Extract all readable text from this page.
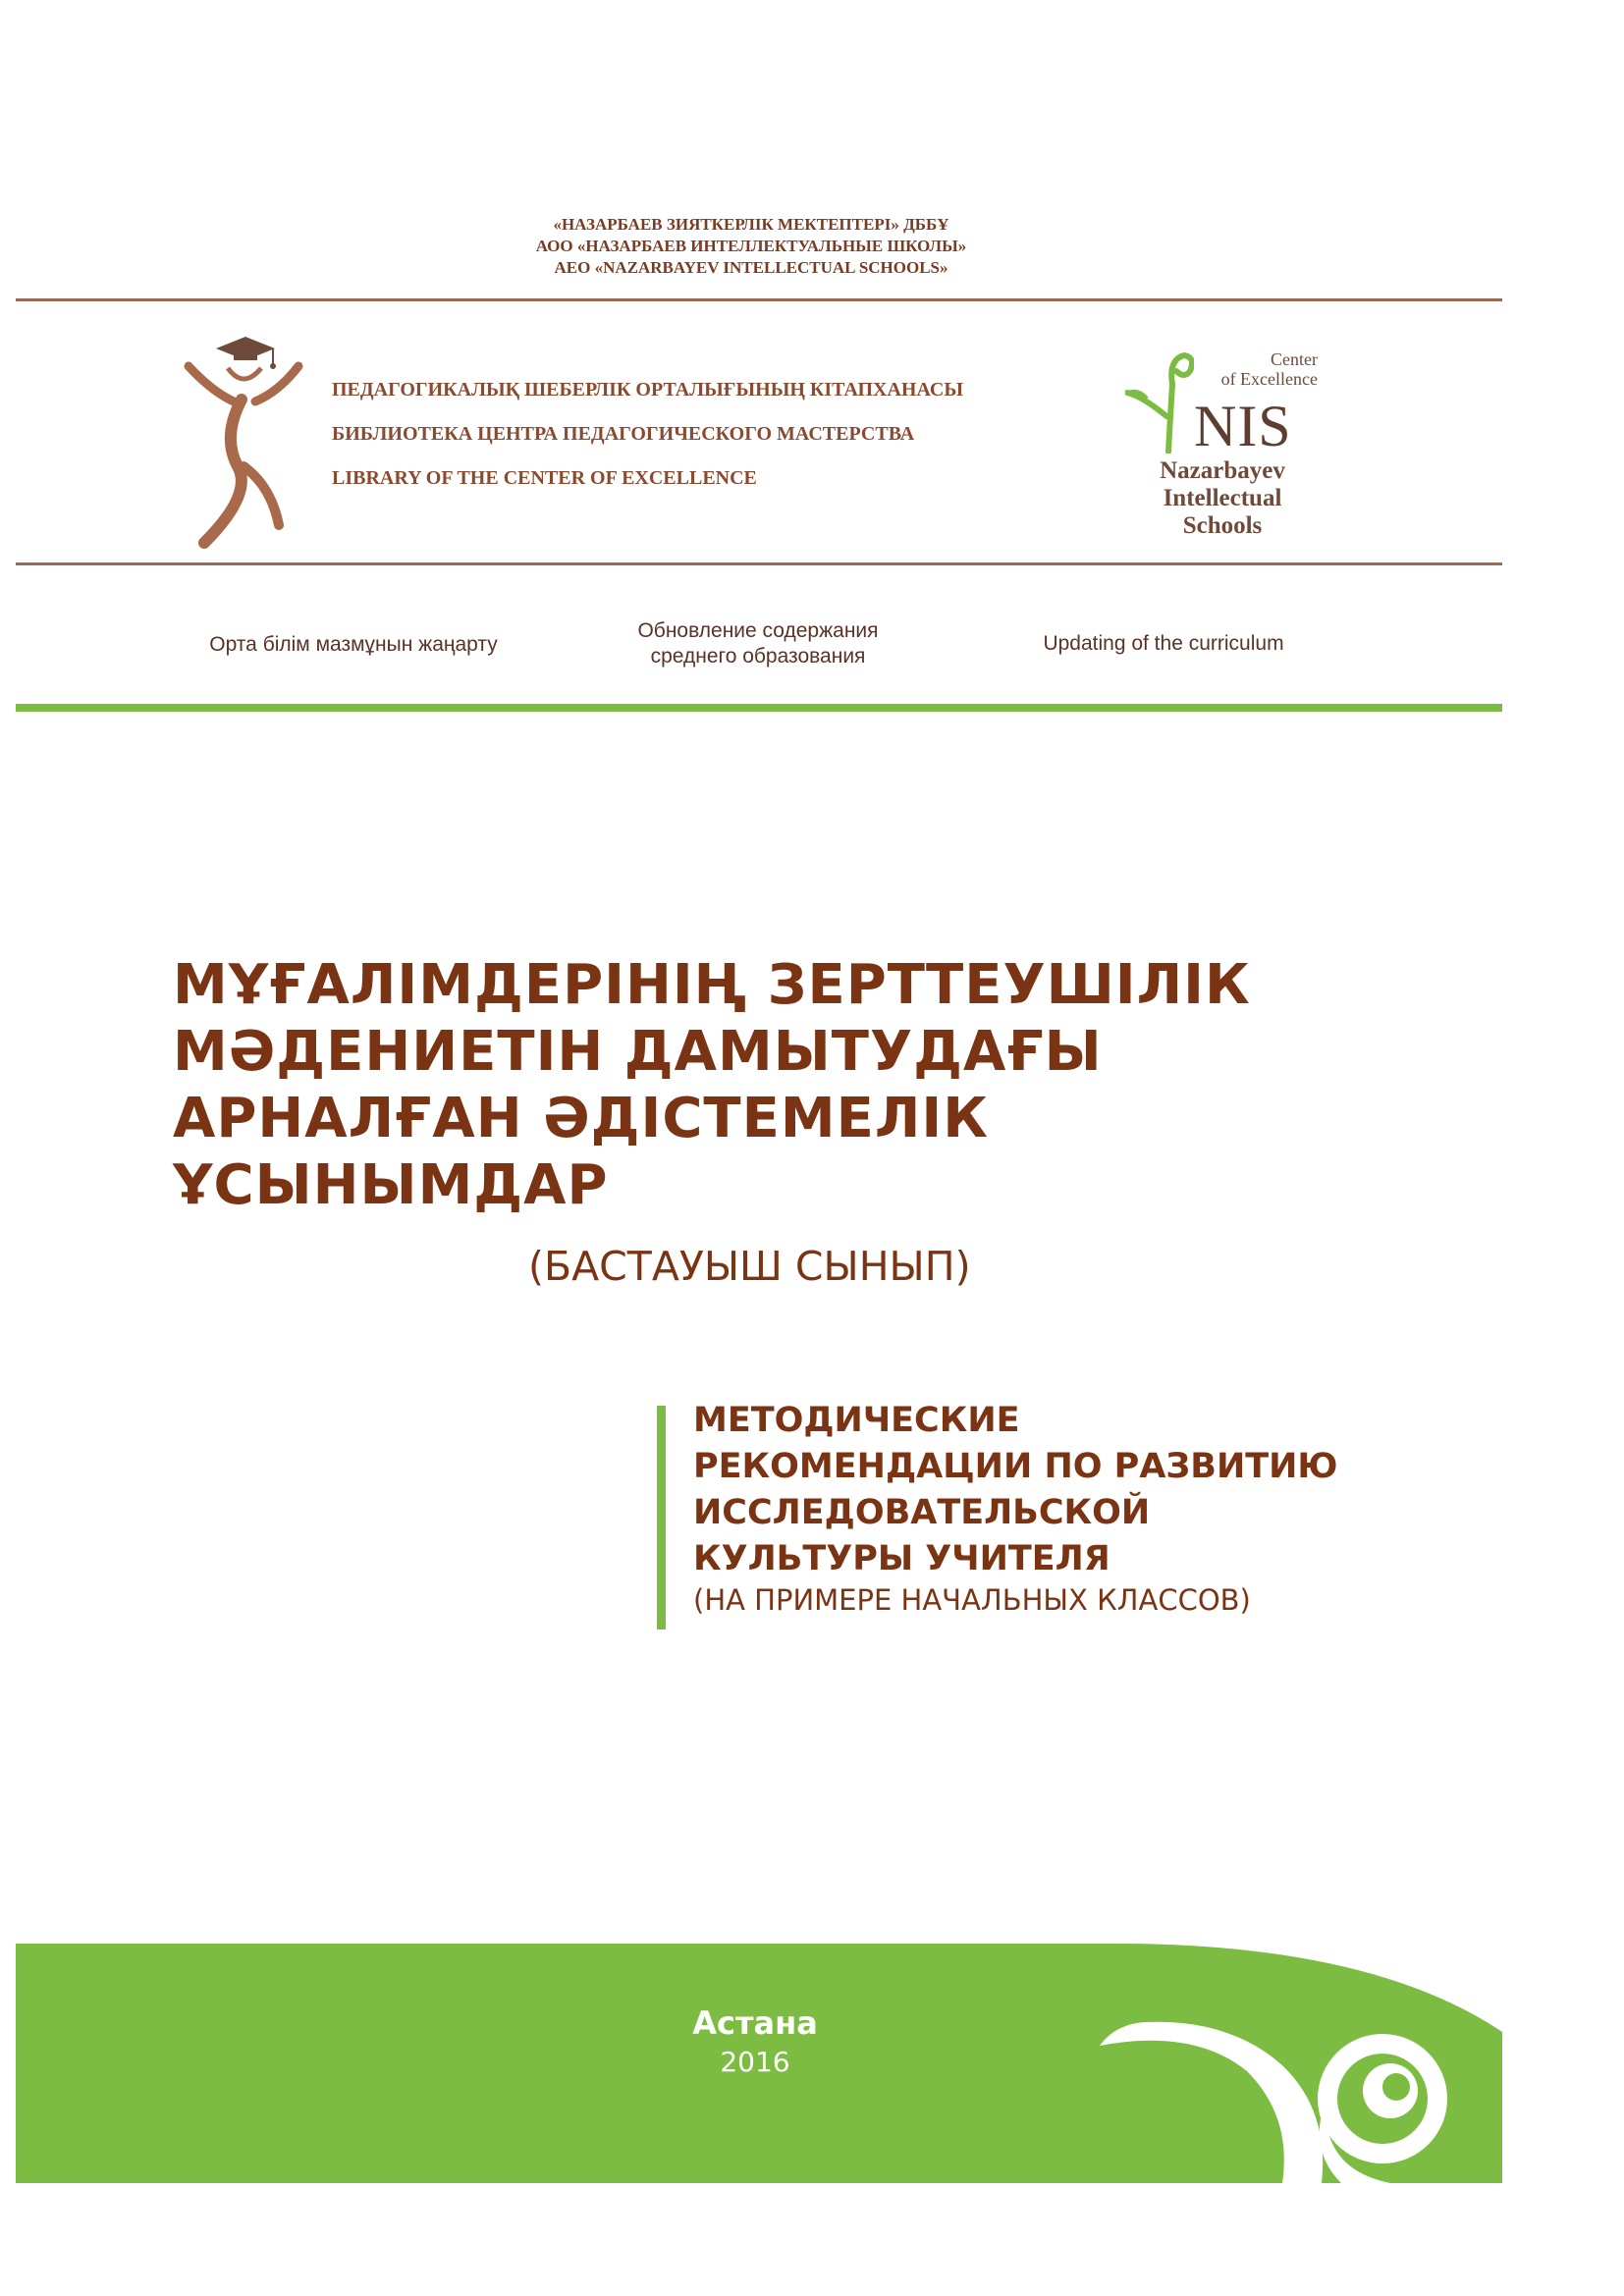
«НАЗАРБАЕВ ЗИЯТКЕРЛІК МЕКТЕПТЕРІ» ДББҰ
АОО «НАЗАРБАЕВ ИНТЕЛЛЕКТУАЛЬНЫЕ ШКОЛЫ»
АЕО «NAZARBAYEV INTELLECTUAL SCHOOLS»
ПЕДАГОГИКАЛЫҚ ШЕБЕРЛІК ОРТАЛЫҒЫНЫҢ КІТАПХАНАСЫ
БИБЛИОТЕКА ЦЕНТРА ПЕДАГОГИЧЕСКОГО МАСТЕРСТВА
LIBRARY OF THE CENTER OF EXCELLENCE
Center
of Excellence
NIS
Nazarbayev
Intellectual
Schools
Орта білім мазмұнын жаңарту
Обновление содержания
среднего образования
Updating of the curriculum
МҰҒАЛІМДЕРІНІҢ ЗЕРТТЕУШІЛІК
МӘДЕНИЕТІН ДАМЫТУДАҒЫ
АРНАЛҒАН ӘДІСТЕМЕЛІК
ҰСЫНЫМДАР
(БАСТАУЫШ СЫНЫП)
МЕТОДИЧЕСКИЕ
РЕКОМЕНДАЦИИ ПО РАЗВИТИЮ
ИССЛЕДОВАТЕЛЬСКОЙ
КУЛЬТУРЫ УЧИТЕЛЯ
(НА ПРИМЕРЕ НАЧАЛЬНЫХ КЛАССОВ)
Астана
2016
